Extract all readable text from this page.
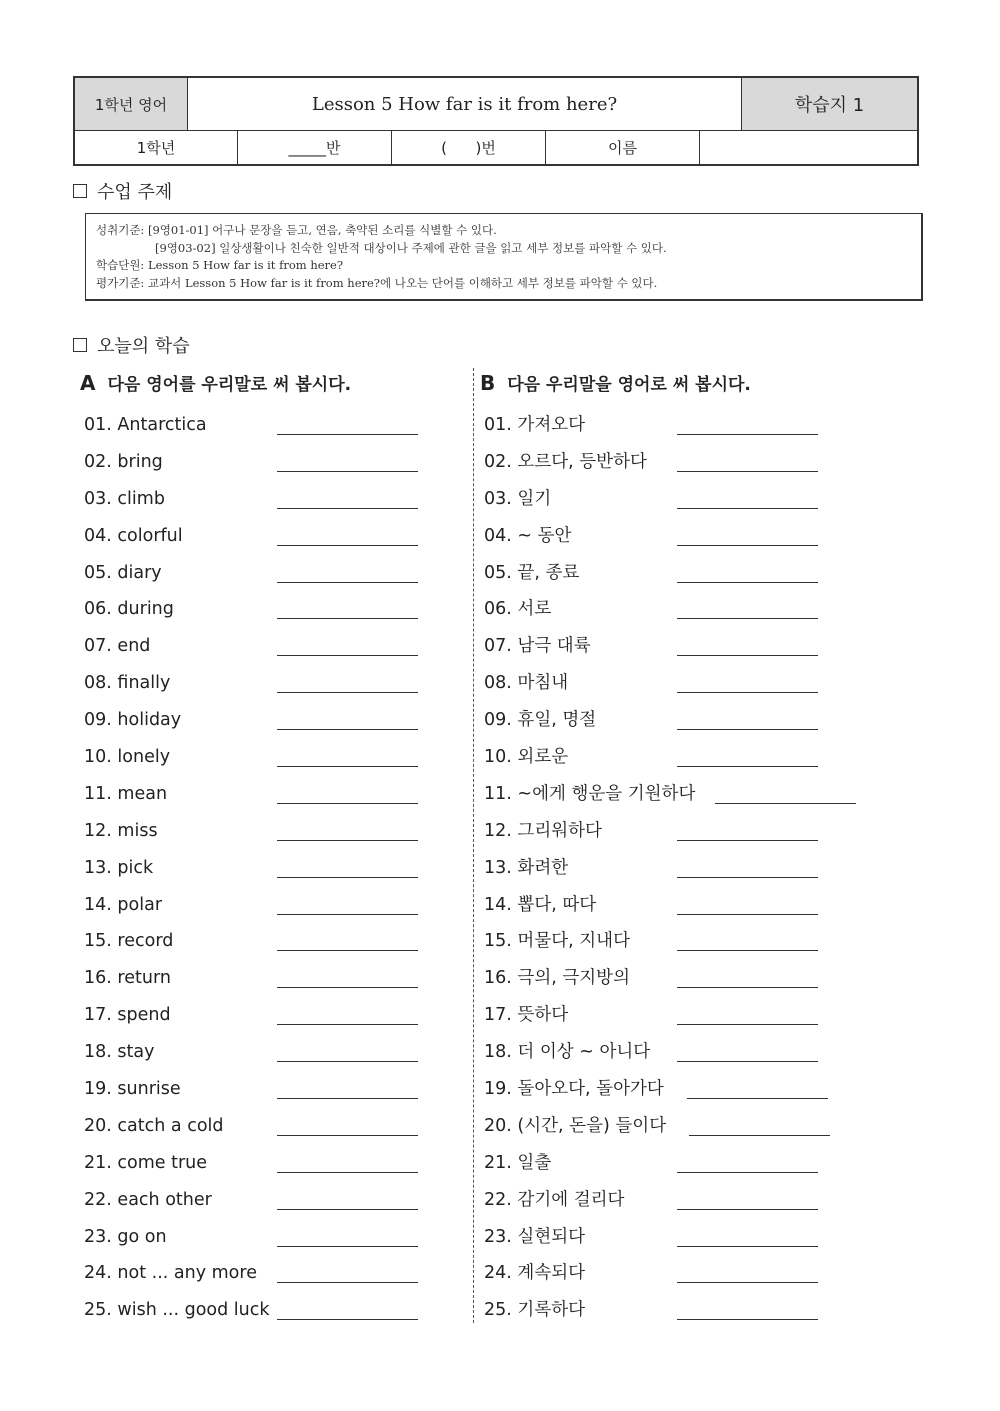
1학년 영어	Lesson 5 How far is it from here?	학습지 1
1학년	_____반	(      )번	이름
수업 주제
성취기준: [9영01-01] 어구나 문장을 듣고, 연음, 축약된 소리를 식별할 수 있다.
[9영03-02] 일상생활이나 친숙한 일반적 대상이나 주제에 관한 글을 읽고 세부 정보를 파악할 수 있다.
학습단원: Lesson 5 How far is it from here?
평가기준: 교과서 Lesson 5 How far is it from here?에 나오는 단어를 이해하고 세부 정보를 파악할 수 있다.
오늘의 학습
A 다음 영어를 우리말로 써 봅시다.	B 다음 우리말을 영어로 써 봅시다.
01. Antarctica
02. bring
03. climb
04. colorful
05. diary
06. during
07. end
08. finally
09. holiday
10. lonely
11. mean
12. miss
13. pick
14. polar
15. record
16. return
17. spend
18. stay
19. sunrise
20. catch a cold
21. come true
22. each other
23. go on
24. not ... any more
25. wish ... good luck
01. 가져오다
02. 오르다, 등반하다
03. 일기
04. ~ 동안
05. 끝, 종료
06. 서로
07. 남극 대륙
08. 마침내
09. 휴일, 명절
10. 외로운
11. ~에게 행운을 기원하다
12. 그리워하다
13. 화려한
14. 뽑다, 따다
15. 머물다, 지내다
16. 극의, 극지방의
17. 뜻하다
18. 더 이상 ~ 아니다
19. 돌아오다, 돌아가다
20. (시간, 돈을) 들이다
21. 일출
22. 감기에 걸리다
23. 실현되다
24. 계속되다
25. 기록하다
